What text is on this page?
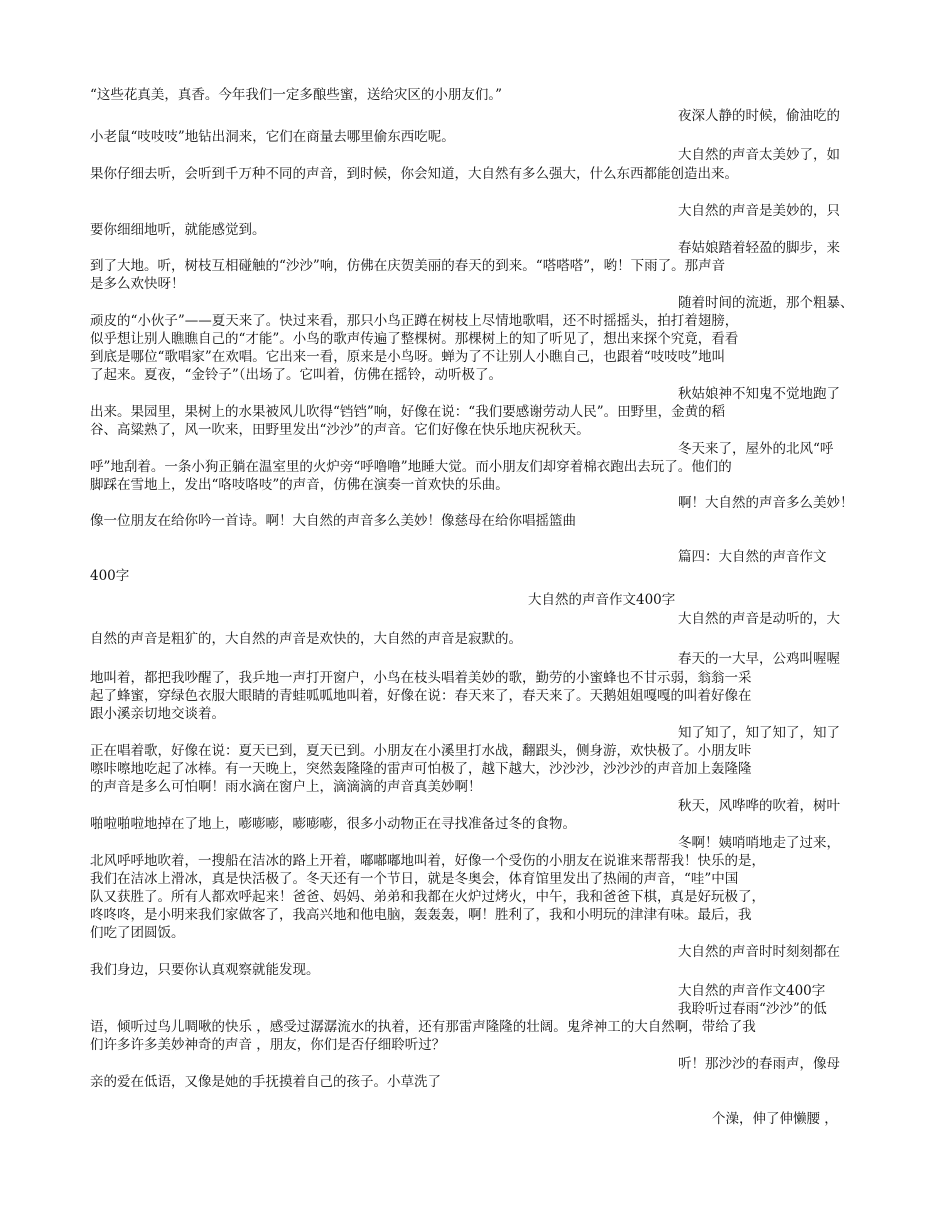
“这些花真美，真香。今年我们一定多酿些蜜，送给灾区的小朋友们。”
夜深人静的时候，偷油吃的
小老鼠“吱吱吱”地钻出洞来，它们在商量去哪里偷东西吃呢。
大自然的声音太美妙了，如
果你仔细去听，会听到千万种不同的声音，到时候，你会知道，大自然有多么强大，什么东西都能创造出来。
大自然的声音是美妙的，只
要你细细地听，就能感觉到。
春姑娘踏着轻盈的脚步，来
到了大地。听，树枝互相碰触的“沙沙”响，仿佛在庆贺美丽的春天的到来。“嗒嗒嗒”，哟！下雨了。那声音
是多么欢快呀！
随着时间的流逝，那个粗暴、
顽皮的“小伙子”——夏天来了。快过来看，那只小鸟正蹲在树枝上尽情地歌唱，还不时摇摇头，拍打着翅膀，
似乎想让别人瞧瞧自己的“才能”。小鸟的歌声传遍了整棵树。那棵树上的知了听见了，想出来探个究竟，看看
到底是哪位“歌唱家”在欢唱。它出来一看，原来是小鸟呀。蝉为了不让别人小瞧自己，也跟着“吱吱吱”地叫
了起来。夏夜，“金铃子”（出场了。它叫着，仿佛在摇铃，动听极了。
秋姑娘神不知鬼不觉地跑了
出来。果园里，果树上的水果被风儿吹得“铛铛”响，好像在说：“我们要感谢劳动人民”。田野里，金黄的稻
谷、高粱熟了，风一吹来，田野里发出“沙沙”的声音。它们好像在快乐地庆祝秋天。
冬天来了，屋外的北风“呼
呼”地刮着。一条小狗正躺在温室里的火炉旁“呼噜噜”地睡大觉。而小朋友们却穿着棉衣跑出去玩了。他们的
脚踩在雪地上，发出“咯吱咯吱”的声音，仿佛在演奏一首欢快的乐曲。
啊！大自然的声音多么美妙！
像一位朋友在给你吟一首诗。啊！大自然的声音多么美妙！像慈母在给你唱摇篮曲
篇四：大自然的声音作文
400字
大自然的声音作文400字
大自然的声音是动听的，大
自然的声音是粗犷的，大自然的声音是欢快的，大自然的声音是寂默的。
春天的一大早，公鸡叫喔喔
地叫着，都把我吵醒了，我乒地一声打开窗户，小鸟在枝头唱着美妙的歌，勤劳的小蜜蜂也不甘示弱，翁翁一采
起了蜂蜜，穿绿色衣服大眼睛的青蛙呱呱地叫着，好像在说：春天来了，春天来了。天鹅姐姐嘎嘎的叫着好像在
跟小溪亲切地交谈着。
知了知了，知了知了，知了
正在唱着歌，好像在说：夏天已到，夏天已到。小朋友在小溪里打水战，翻跟头，侧身游，欢快极了。小朋友咔
嚓咔嚓地吃起了冰棒。有一天晚上，突然轰隆隆的雷声可怕极了，越下越大，沙沙沙，沙沙沙的声音加上轰隆隆
的声音是多么可怕啊！雨水滴在窗户上，滴滴滴的声音真美妙啊！
秋天，风哗哗的吹着，树叶
啪啦啪啦地掉在了地上，嘭嘭嘭，嘭嘭嘭，很多小动物正在寻找准备过冬的食物。
冬啊！姨哨哨地走了过来，
北风呼呼地吹着，一搜船在洁冰的路上开着，嘟嘟嘟地叫着，好像一个受伤的小朋友在说谁来帮帮我！快乐的是，
我们在洁冰上滑冰，真是快活极了。冬天还有一个节日，就是冬奥会，体育馆里发出了热闹的声音，“哇”中国
队又获胜了。所有人都欢呼起来！爸爸、妈妈、弟弟和我都在火炉过烤火，中午，我和爸爸下棋，真是好玩极了，
咚咚咚，是小明来我们家做客了，我高兴地和他电脑，轰轰轰，啊！胜利了，我和小明玩的津津有味。最后，我
们吃了团圆饭。
大自然的声音时时刻刻都在
我们身边，只要你认真观察就能发现。
大自然的声音作文400字
我聆听过春雨“沙沙”的低
语，倾听过鸟儿啁啾的快乐 ，感受过潺潺流水的执着，还有那雷声隆隆的壮阔。鬼斧神工的大自然啊，带给了我
们许多许多美妙神奇的声音 ，朋友，你们是否仔细聆听过？
听！那沙沙的春雨声，像母
亲的爱在低语，又像是她的手抚摸着自己的孩子。小草洗了
个澡，伸了伸懒腰 ，
